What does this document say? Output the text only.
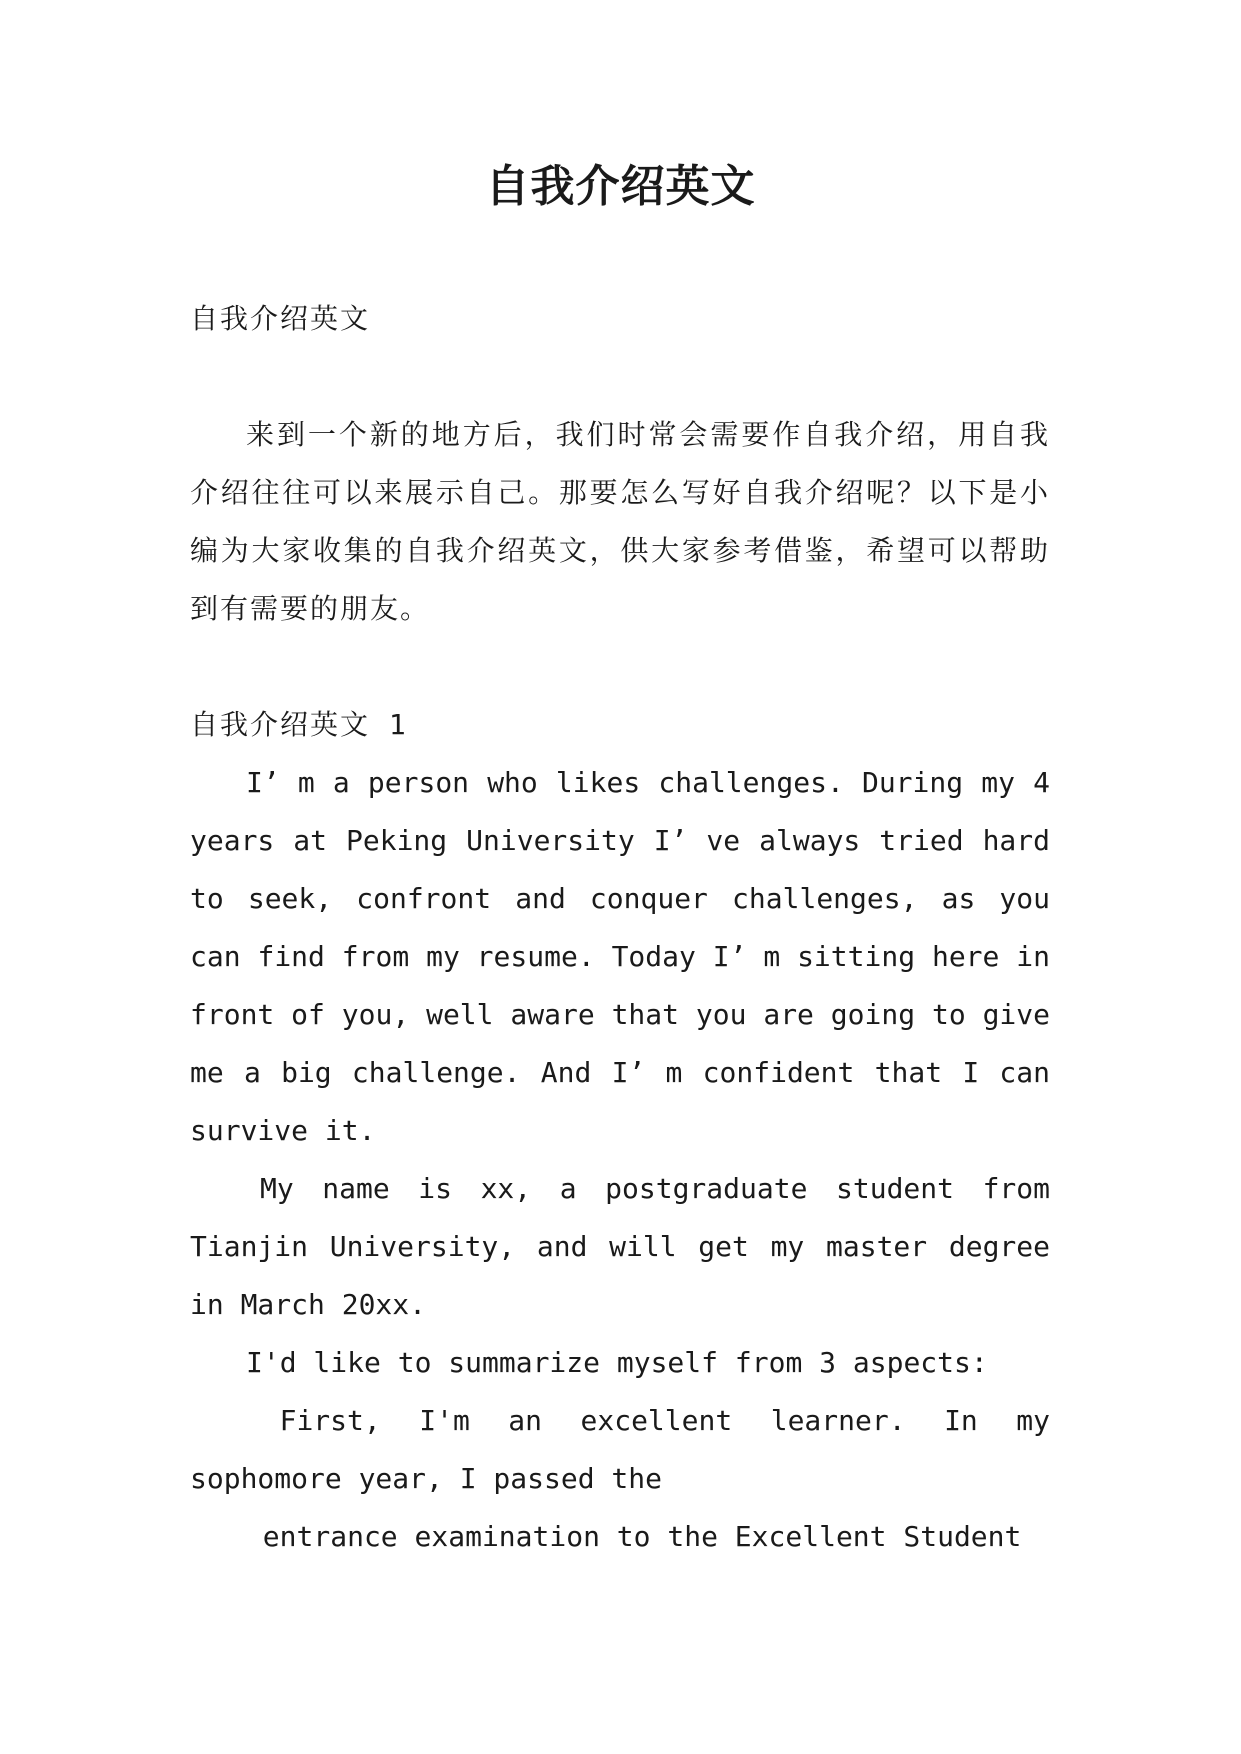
自我介绍英文

自我介绍英文

来到一个新的地方后，我们时常会需要作自我介绍，用自我介绍往往可以来展示自己。那要怎么写好自我介绍呢？以下是小编为大家收集的自我介绍英文，供大家参考借鉴，希望可以帮助到有需要的朋友。

自我介绍英文 1

I’ m a person who likes challenges. During my 4 years at Peking University I’ ve always tried hard to seek, confront and conquer challenges, as you can find from my resume. Today I’ m sitting here in front of you, well aware that you are going to give me a big challenge. And I’ m confident that I can survive it.

My name is xx, a postgraduate student from Tianjin University, and will get my master degree in March 20xx.

I'd like to summarize myself from 3 aspects:

First, I'm an excellent learner. In my sophomore year, I passed the

entrance examination to the Excellent Student
